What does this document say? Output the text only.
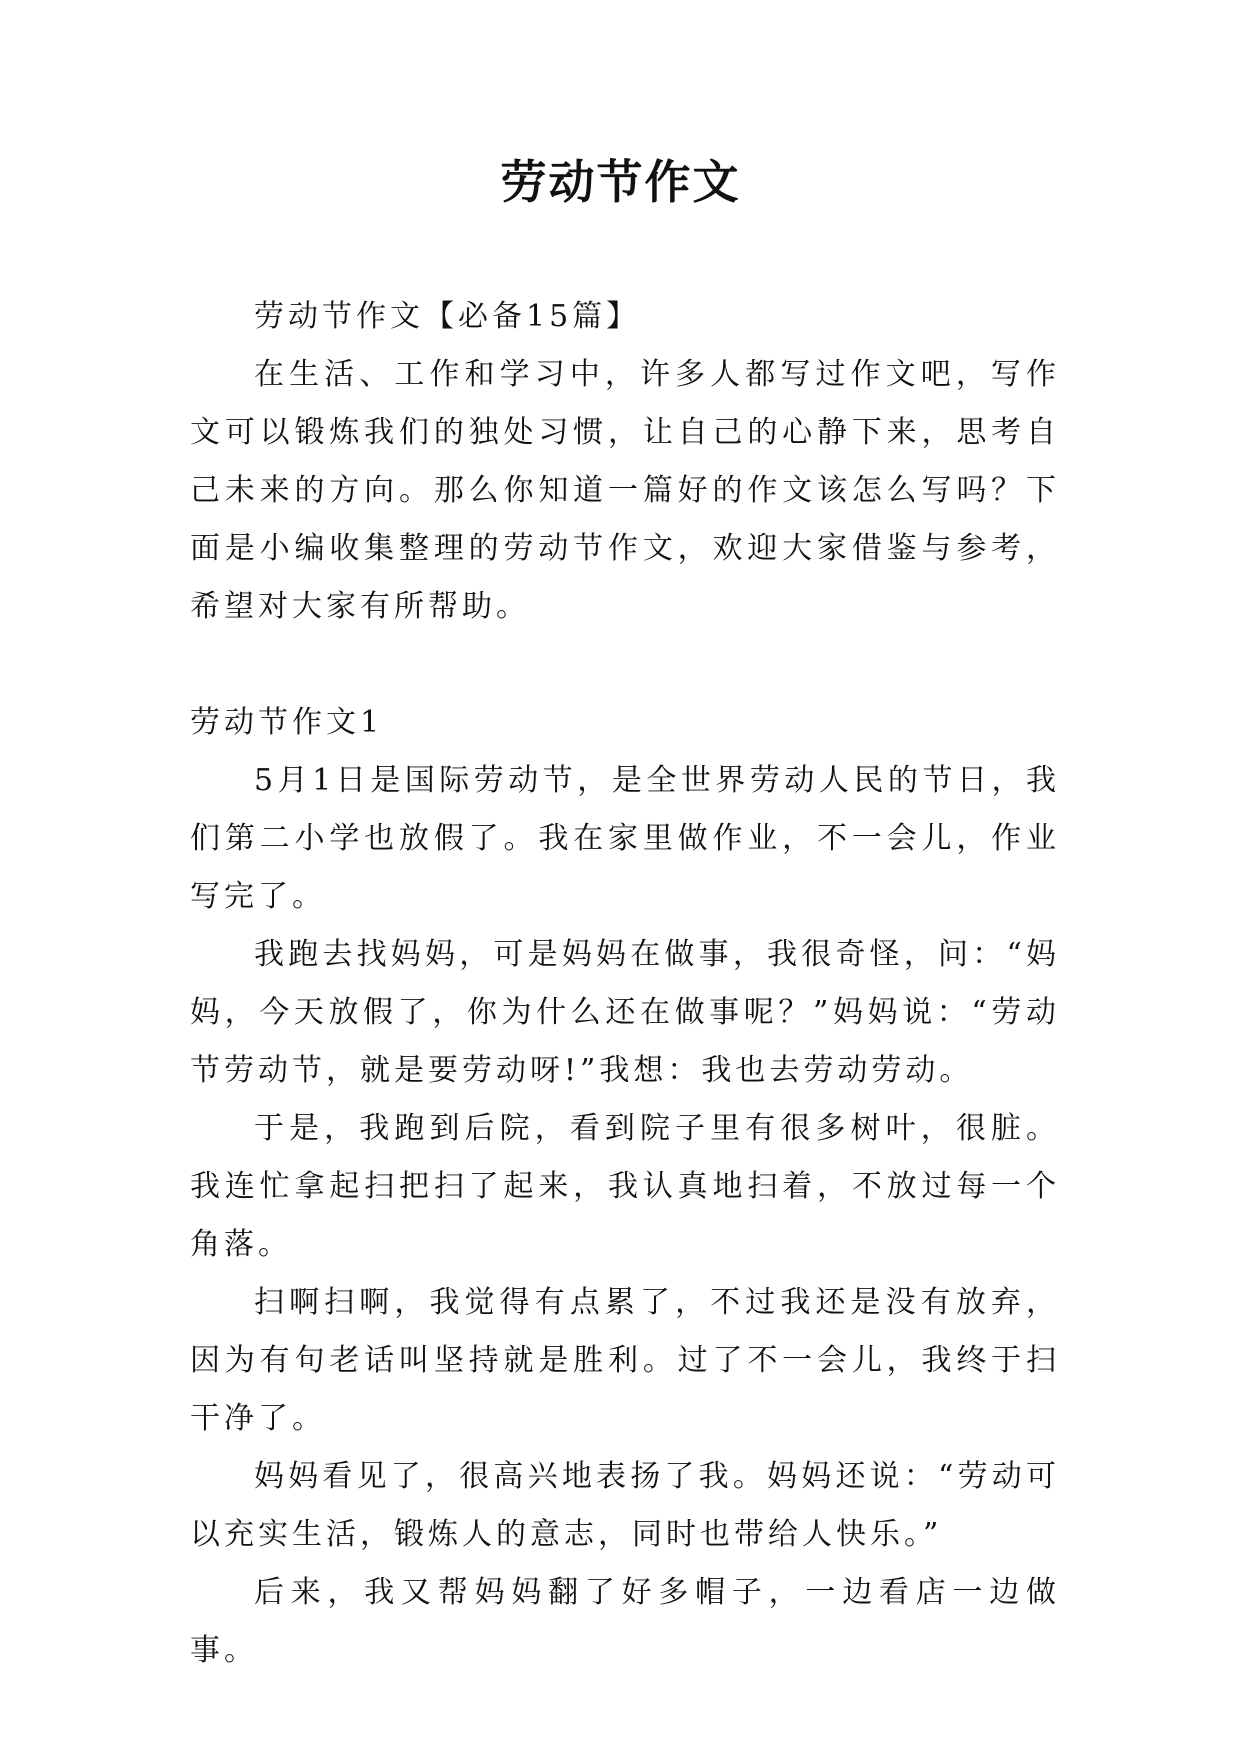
劳动节作文

劳动节作文【必备15篇】

在生活、工作和学习中，许多人都写过作文吧，写作文可以锻炼我们的独处习惯，让自己的心静下来，思考自己未来的方向。那么你知道一篇好的作文该怎么写吗？下面是小编收集整理的劳动节作文，欢迎大家借鉴与参考，希望对大家有所帮助。

劳动节作文1

5月1日是国际劳动节，是全世界劳动人民的节日，我们第二小学也放假了。我在家里做作业，不一会儿，作业写完了。

我跑去找妈妈，可是妈妈在做事，我很奇怪，问：“妈妈，今天放假了，你为什么还在做事呢？”妈妈说：“劳动节劳动节，就是要劳动呀!”我想：我也去劳动劳动。

于是，我跑到后院，看到院子里有很多树叶，很脏。我连忙拿起扫把扫了起来，我认真地扫着，不放过每一个角落。

扫啊扫啊，我觉得有点累了，不过我还是没有放弃，因为有句老话叫坚持就是胜利。过了不一会儿，我终于扫干净了。

妈妈看见了，很高兴地表扬了我。妈妈还说：“劳动可以充实生活，锻炼人的意志，同时也带给人快乐。”

后来，我又帮妈妈翻了好多帽子，一边看店一边做事。
